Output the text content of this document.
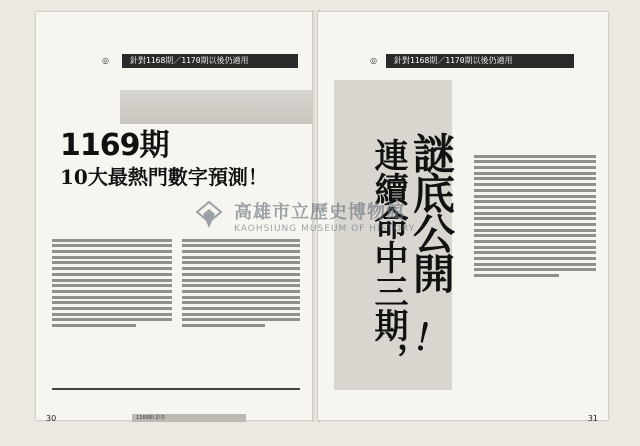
◎	針對1168期／1170期以後仍適用
1169期
10大最熱門數字預測！
1169期 彩券
30
◎	針對1168期／1170期以後仍適用
謎底公開
連續命中三期， ！
31
高雄市立歷史博物館
KAOHSIUNG MUSEUM OF HISTORY
